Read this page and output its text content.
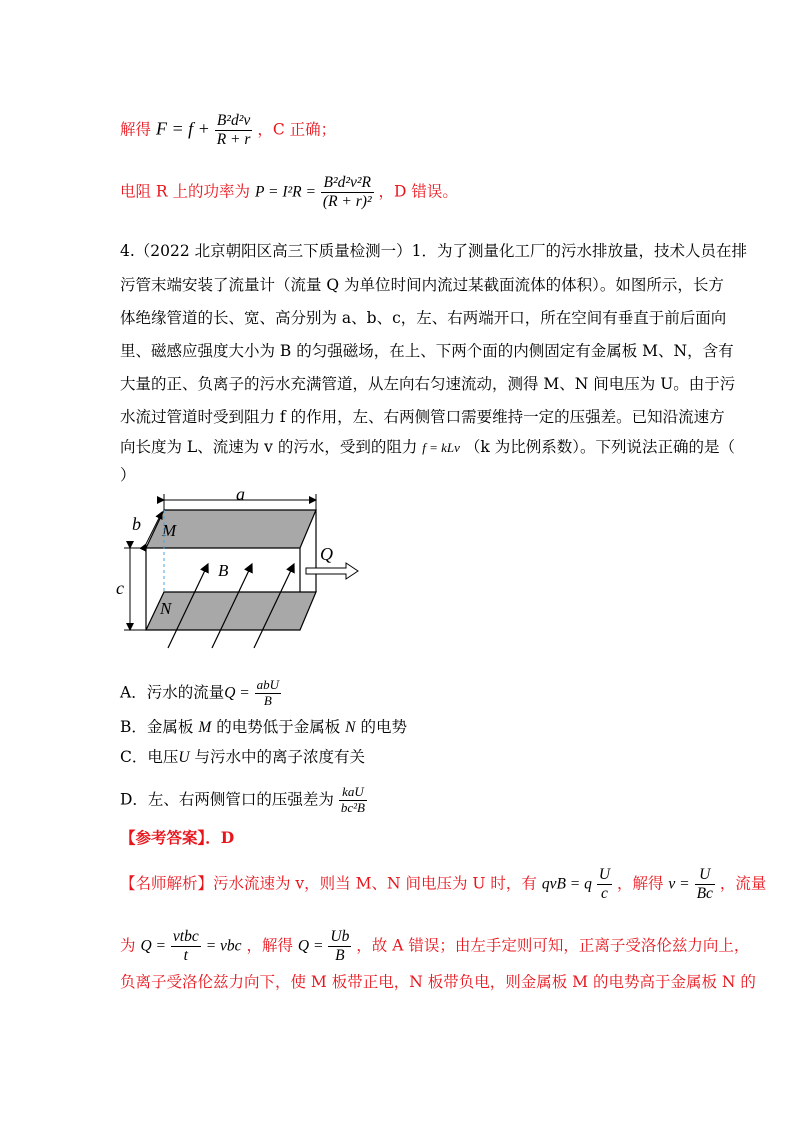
解得 $F = f + \frac{\text{B²d²v}}{R + r}$ ，C 正确；
电阻 R 上的功率为 $P = I^2R = \frac{\text{B²d²v²R}}{\text{(R + r)²}}$ ，D 错误。
4.（2022 北京朝阳区高三下质量检测一）1．为了测量化工厂的污水排放量，技术人员在排
污管末端安装了流量计（流量 Q 为单位时间内流过某截面流体的体积）。如图所示，长方
体绝缘管道的长、宽、高分别为 a、b、c，左、右两端开口，所在空间有垂直于前后面向
里、磁感应强度大小为 B 的匀强磁场，在上、下两个面的内侧固定有金属板 M、N，含有
大量的正、负离子的污水充满管道，从左向右匀速流动，测得 M、N 间电压为 U。由于污
水流过管道时受到阻力 f 的作用，左、右两侧管口需要维持一定的压强差。已知沿流速方
向长度为 L、流速为 v 的污水，受到的阻力 f = kLv （k 为比例系数）。下列说法正确的是（
）
a
M
N
b
c
B
Q
A．污水的流量$Q = \frac{\text{abU}}{B}$
B．金属板 M 的电势低于金属板 N 的电势
C．电压U 与污水中的离子浓度有关
D．左、右两侧管口的压强差为 $\frac{\text{kaU}}{\text{bc²B}}$
【参考答案】．D
【名师解析】污水流速为 v，则当 M、N 间电压为 U 时，有 qvB = q $\frac{U}{c}$ ，解得 $v = \frac{U}{Bc}$ ，流量
为 $Q = \frac{\text{vtbc}}{t}$ = vbc ，解得 $Q = \frac{Ub}{B}$ ，故 A 错误；由左手定则可知，正离子受洛伦兹力向上，
负离子受洛伦兹力向下，使 M 板带正电，N 板带负电，则金属板 M 的电势高于金属板 N 的
